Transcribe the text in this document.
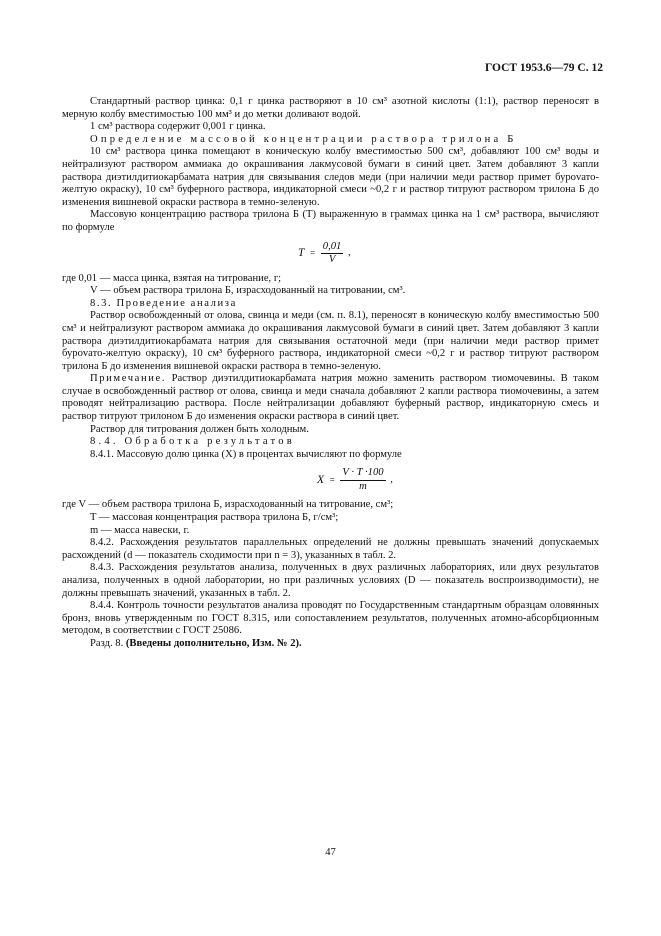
ГОСТ 1953.6—79 С. 12

Стандартный раствор цинка: 0,1 г цинка растворяют в 10 см³ азотной кислоты (1:1), раствор переносят в мерную колбу вместимостью 100 мм³ и до метки доливают водой.

1 см³ раствора содержит 0,001 г цинка.

Определение массовой концентрации раствора трилона Б

10 см³ раствора цинка помещают в коническую колбу вместимостью 500 см³, добавляют 100 см³ воды и нейтрализуют раствором аммиака до окрашивания лакмусовой бумаги в синий цвет. Затем добавляют 3 капли раствора диэтилдитиокарбамата натрия для связывания следов меди (при наличии меди раствор примет бурovато-желтую окраску), 10 см³ буферного раствора, индикаторной смеси ~0,2 г и раствор титруют раствором трилона Б до изменения вишневой окраски раствора в темно-зеленую.

Массовую концентрацию раствора трилона Б (T) выраженную в граммах цинка на 1 см³ раствора, вычисляют по формуле

$T = \frac{0,01}{V}$ ,

где 0,01 — масса цинка, взятая на титрование, г;

V — объем раствора трилона Б, израсходованный на титровании, см³.

8.3. Проведение анализа

Раствор освобожденный от олова, свинца и меди (см. п. 8.1), переносят в коническую колбу вместимостью 500 см³ и нейтрализуют раствором аммиака до окрашивания лакмусовой бумаги в синий цвет. Затем добавляют 3 капли раствора диэтилдитиокарбамата натрия для связывания остаточной меди (при наличии меди раствор примет бурovато-желтую окраску), 10 см³ буферного раствора, индикаторной смеси ~0,2 г и раствор титруют раствором трилона Б до изменения вишневой окраски раствора в темно-зеленую.

Примечание. Раствор диэтилдитиокарбамата натрия можно заменить раствором тиомочевины. В таком случае в освобожденный раствор от олова, свинца и меди сначала добавляют 2 капли раствора тиомочевины, а затем проводят нейтрализацию раствора. После нейтрализации добавляют буферный раствор, индикаторную смесь и раствор титруют трилоном Б до изменения окраски раствора в синий цвет.

Раствор для титрования должен быть холодным.

8.4. Обработка результатов

8.4.1. Массовую долю цинка (X) в процентах вычисляют по формуле

$X = \frac{V \cdot T \cdot 100}{m}$ ,

где V — объем раствора трилона Б, израсходованный на титрование, см³;

T — массовая концентрация раствора трилона Б, г/см³;

m — масса навески, г.

8.4.2. Расхождения результатов параллельных определений не должны превышать значений допускаемых расхождений (d — показатель сходимости при n = 3), указанных в табл. 2.

8.4.3. Расхождения результатов анализа, полученных в двух различных лабораториях, или двух результатов анализа, полученных в одной лаборатории, но при различных условиях (D — показатель воспроизводимости), не должны превышать значений, указанных в табл. 2.

8.4.4. Контроль точности результатов анализа проводят по Государственным стандартным образцам оловянных бронз, вновь утвержденным по ГОСТ 8.315, или сопоставлением результатов, полученных атомно-абсорбционным методом, в соответствии с ГОСТ 25086.

Разд. 8. (Введены дополнительно, Изм. № 2).

47
